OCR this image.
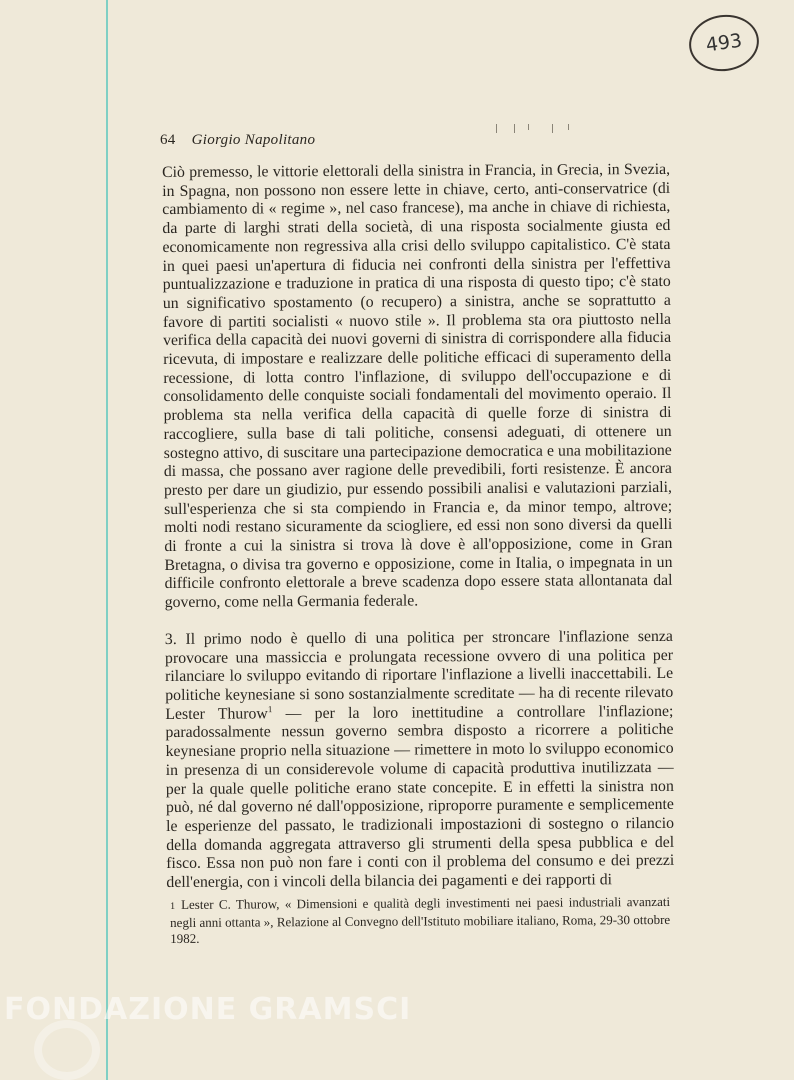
493
64 Giorgio Napolitano

Ciò premesso, le vittorie elettorali della sinistra in Francia, in Grecia, in Svezia, in Spagna, non possono non essere lette in chiave, certo, anti-conservatrice (di cambiamento di « regime », nel caso francese), ma anche in chiave di richiesta, da parte di larghi strati della società, di una risposta socialmente giusta ed economicamente non regressiva alla crisi dello sviluppo capitalistico. C'è stata in quei paesi un'apertura di fiducia nei confronti della sinistra per l'effettiva puntualizzazione e traduzione in pratica di una risposta di questo tipo; c'è stato un significativo spostamento (o recupero) a sinistra, anche se soprattutto a favore di partiti socialisti « nuovo stile ». Il problema sta ora piuttosto nella verifica della capacità dei nuovi governi di sinistra di corrispondere alla fiducia ricevuta, di impostare e realizzare delle politiche efficaci di superamento della recessione, di lotta contro l'inflazione, di sviluppo dell'occupazione e di consolidamento delle conquiste sociali fondamentali del movimento operaio. Il problema sta nella verifica della capacità di quelle forze di sinistra di raccogliere, sulla base di tali politiche, consensi adeguati, di ottenere un sostegno attivo, di suscitare una partecipazione democratica e una mobilitazione di massa, che possano aver ragione delle prevedibili, forti resistenze. È ancora presto per dare un giudizio, pur essendo possibili analisi e valutazioni parziali, sull'esperienza che si sta compiendo in Francia e, da minor tempo, altrove; molti nodi restano sicuramente da sciogliere, ed essi non sono diversi da quelli di fronte a cui la sinistra si trova là dove è all'opposizione, come in Gran Bretagna, o divisa tra governo e opposizione, come in Italia, o impegnata in un difficile confronto elettorale a breve scadenza dopo essere stata allontanata dal governo, come nella Germania federale.

3. Il primo nodo è quello di una politica per stroncare l'inflazione senza provocare una massiccia e prolungata recessione ovvero di una politica per rilanciare lo sviluppo evitando di riportare l'inflazione a livelli inaccettabili. Le politiche keynesiane si sono sostanzialmente screditate — ha di recente rilevato Lester Thurow$^1$ — per la loro inettitudine a controllare l'inflazione; paradossalmente nessun governo sembra disposto a ricorrere a politiche keynesiane proprio nella situazione — rimettere in moto lo sviluppo economico in presenza di un considerevole volume di capacità produttiva inutilizzata — per la quale quelle politiche erano state concepite. E in effetti la sinistra non può, né dal governo né dall'opposizione, riproporre puramente e semplicemente le esperienze del passato, le tradizionali impostazioni di sostegno o rilancio della domanda aggregata attraverso gli strumenti della spesa pubblica e del fisco. Essa non può non fare i conti con il problema del consumo e dei prezzi dell'energia, con i vincoli della bilancia dei pagamenti e dei rapporti di

1 Lester C. Thurow, « Dimensioni e qualità degli investimenti nei paesi industriali avanzati negli anni ottanta », Relazione al Convegno dell'Istituto mobiliare italiano, Roma, 29-30 ottobre 1982.
FONDAZIONE GRAMSCI
